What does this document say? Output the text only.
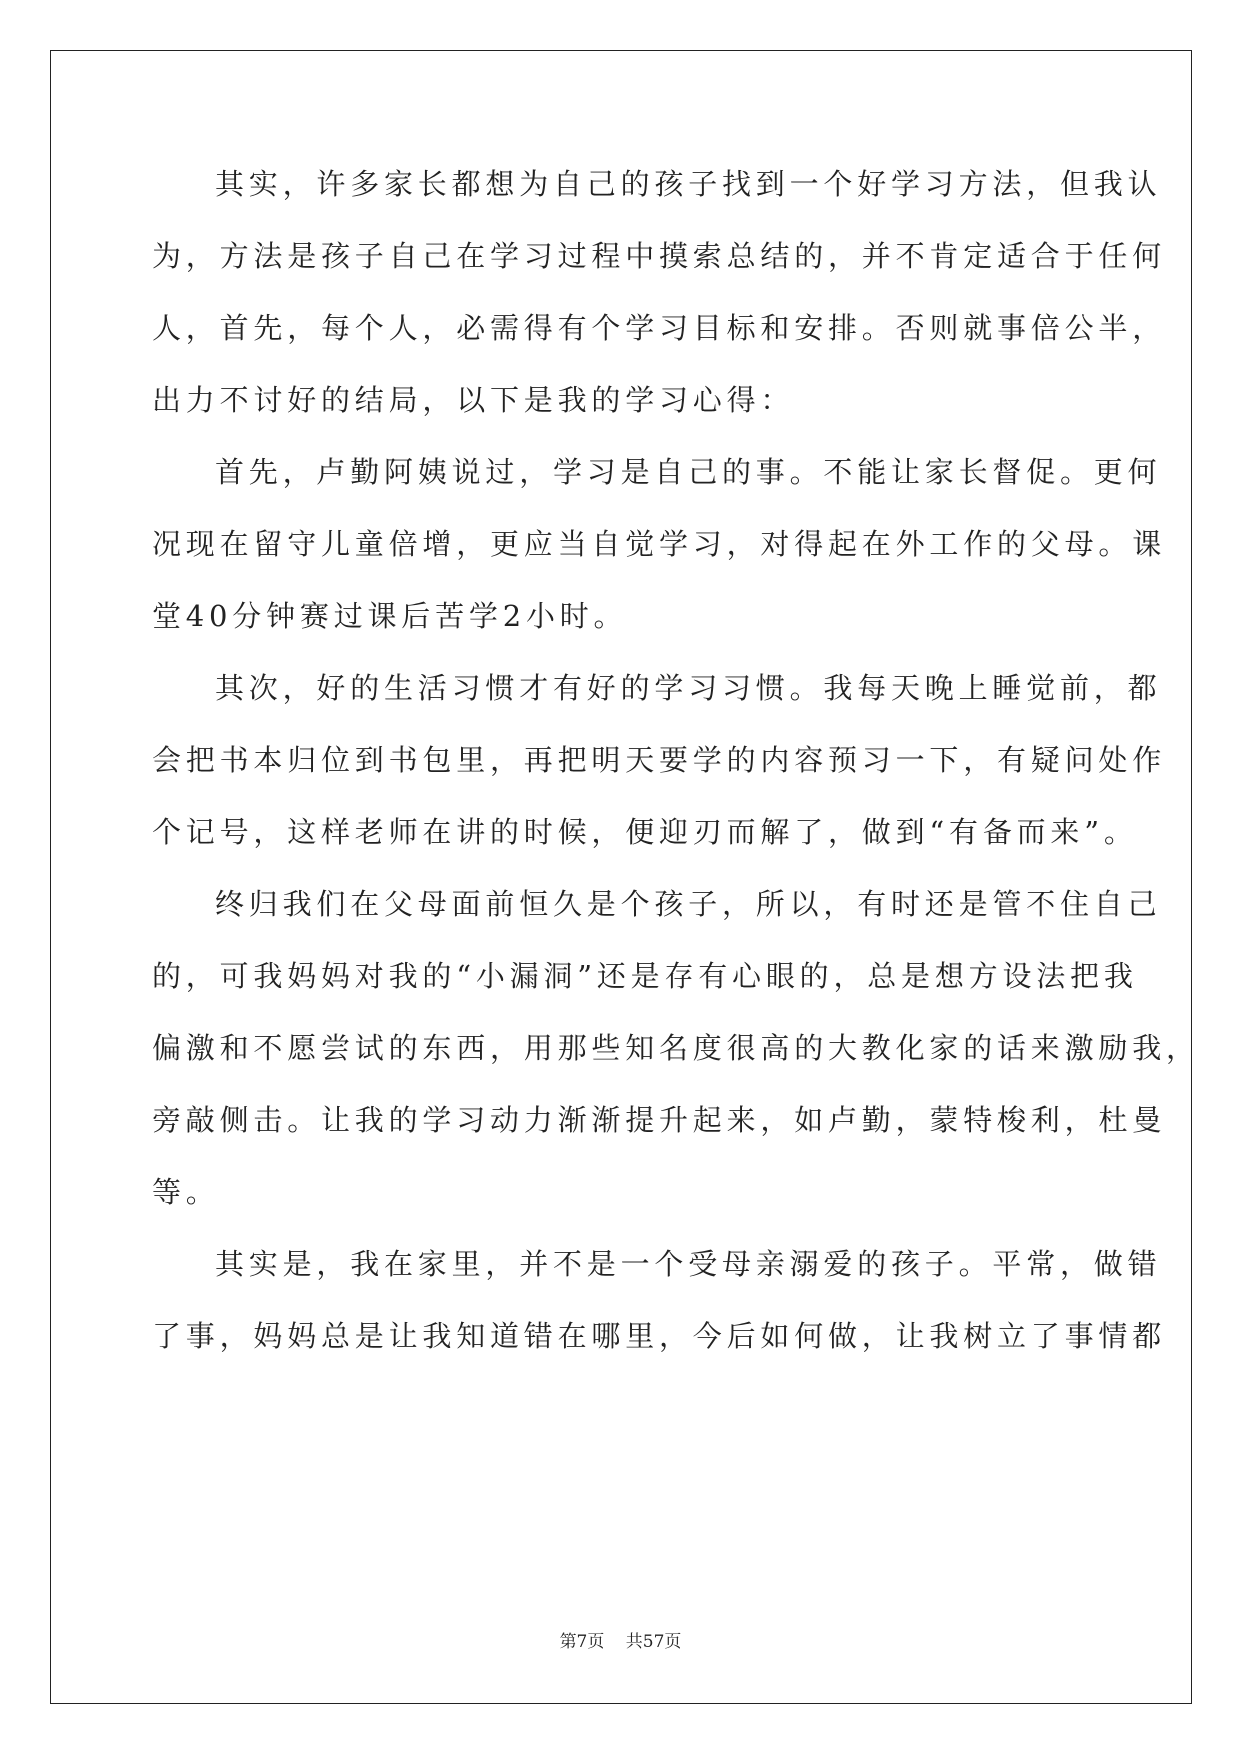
其实，许多家长都想为自己的孩子找到一个好学习方法，但我认
为，方法是孩子自己在学习过程中摸索总结的，并不肯定适合于任何
人，首先，每个人，必需得有个学习目标和安排。否则就事倍公半，
出力不讨好的结局，以下是我的学习心得：
首先，卢勤阿姨说过，学习是自己的事。不能让家长督促。更何
况现在留守儿童倍增，更应当自觉学习，对得起在外工作的父母。课
堂40分钟赛过课后苦学2小时。
其次，好的生活习惯才有好的学习习惯。我每天晚上睡觉前，都
会把书本归位到书包里，再把明天要学的内容预习一下，有疑问处作
个记号，这样老师在讲的时候，便迎刃而解了，做到“有备而来”。
终归我们在父母面前恒久是个孩子，所以，有时还是管不住自己
的，可我妈妈对我的“小漏洞”还是存有心眼的，总是想方设法把我
偏激和不愿尝试的东西，用那些知名度很高的大教化家的话来激励我，
旁敲侧击。让我的学习动力渐渐提升起来，如卢勤，蒙特梭利，杜曼
等。
其实是，我在家里，并不是一个受母亲溺爱的孩子。平常，做错
了事，妈妈总是让我知道错在哪里，今后如何做，让我树立了事情都
第7页 共57页
